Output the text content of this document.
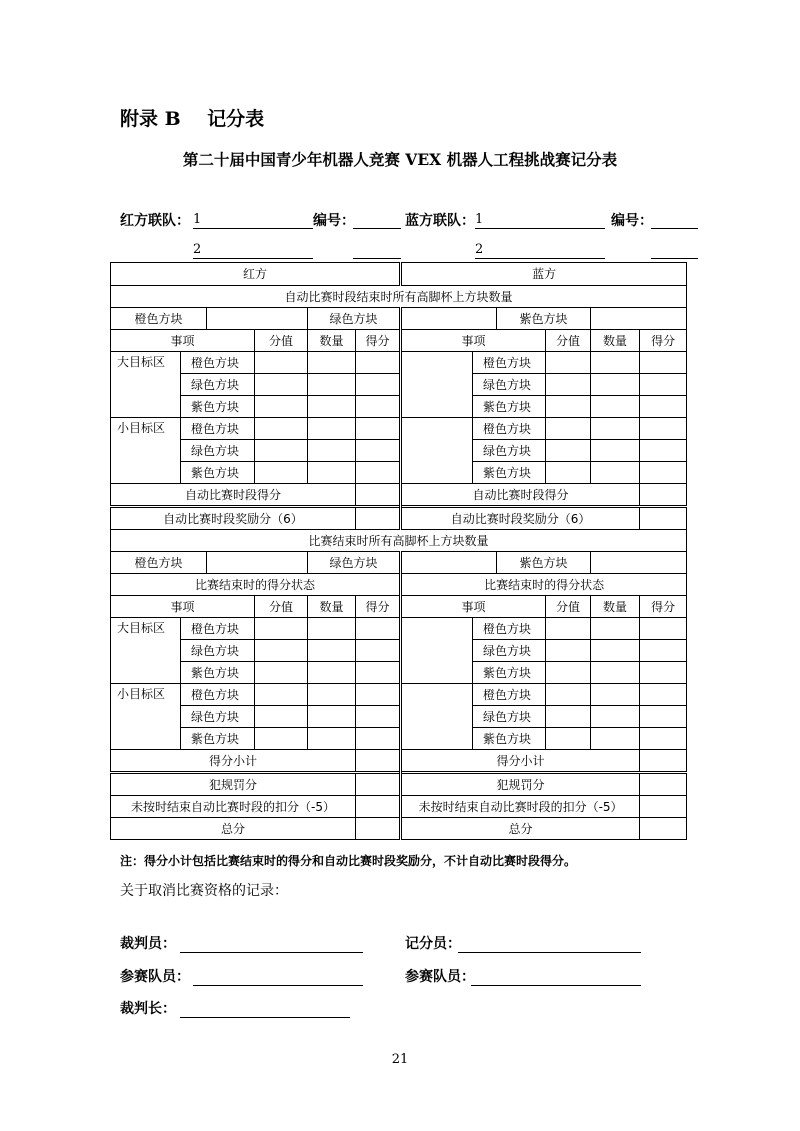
附录 B    记分表
第二十届中国青少年机器人竞赛 VEX 机器人工程挑战赛记分表
红方联队： 1	编号：	蓝方联队： 1	编号：
2	2
红方						蓝方					
自动比赛时段结束时所有高脚杯上方块数量											
橙色方块				绿色方块				紫色方块			
事项			分值	数量	得分	事项			分值	数量	得分
大目标区	橙色方块						橙色方块				
	绿色方块						绿色方块				
	紫色方块						紫色方块				
小目标区	橙色方块						橙色方块				
	绿色方块						绿色方块				
	紫色方块						紫色方块				
自动比赛时段得分						自动比赛时段得分					
自动比赛时段奖励分（6）						自动比赛时段奖励分（6）					
比赛结束时所有高脚杯上方块数量											
橙色方块				绿色方块				紫色方块			
比赛结束时的得分状态						比赛结束时的得分状态					
事项			分值	数量	得分	事项			分值	数量	得分
大目标区	橙色方块						橙色方块				
	绿色方块						绿色方块				
	紫色方块						紫色方块				
小目标区	橙色方块						橙色方块				
	绿色方块						绿色方块				
	紫色方块						紫色方块				
得分小计						得分小计					
犯规罚分						犯规罚分					
未按时结束自动比赛时段的扣分（-5）						未按时结束自动比赛时段的扣分（-5）					
总分						总分					
注：得分小计包括比赛结束时的得分和自动比赛时段奖励分，不计自动比赛时段得分。
关于取消比赛资格的记录：
裁判员：	记分员：
参赛队员：	参赛队员：
裁判长：
21
